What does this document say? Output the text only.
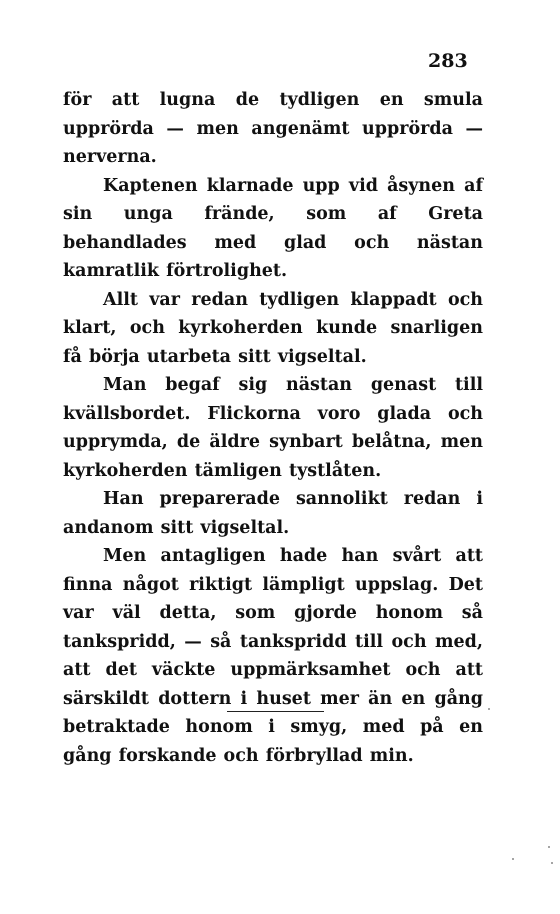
283

för att lugna de tydligen en smula upprörda — men angenämt upprörda — nerverna.

Kaptenen klarnade upp vid åsynen af sin unga frände, som af Greta behandlades med glad och nästan kamratlik förtrolighet.

Allt var redan tydligen klappadt och klart, och kyrkoherden kunde snarligen få börja utarbeta sitt vigseltal.

Man begaf sig nästan genast till kvällsbordet. Flickorna voro glada och upprymda, de äldre synbart belåtna, men kyrkoherden tämligen tystlåten.

Han preparerade sannolikt redan i andanom sitt vigseltal.

Men antagligen hade han svårt att finna något riktigt lämpligt uppslag. Det var väl detta, som gjorde honom så tankspridd, — så tankspridd till och med, att det väckte uppmärksamhet och att särskildt dottern i huset mer än en gång betraktade honom i smyg, med på en gång forskande och förbryllad min.
